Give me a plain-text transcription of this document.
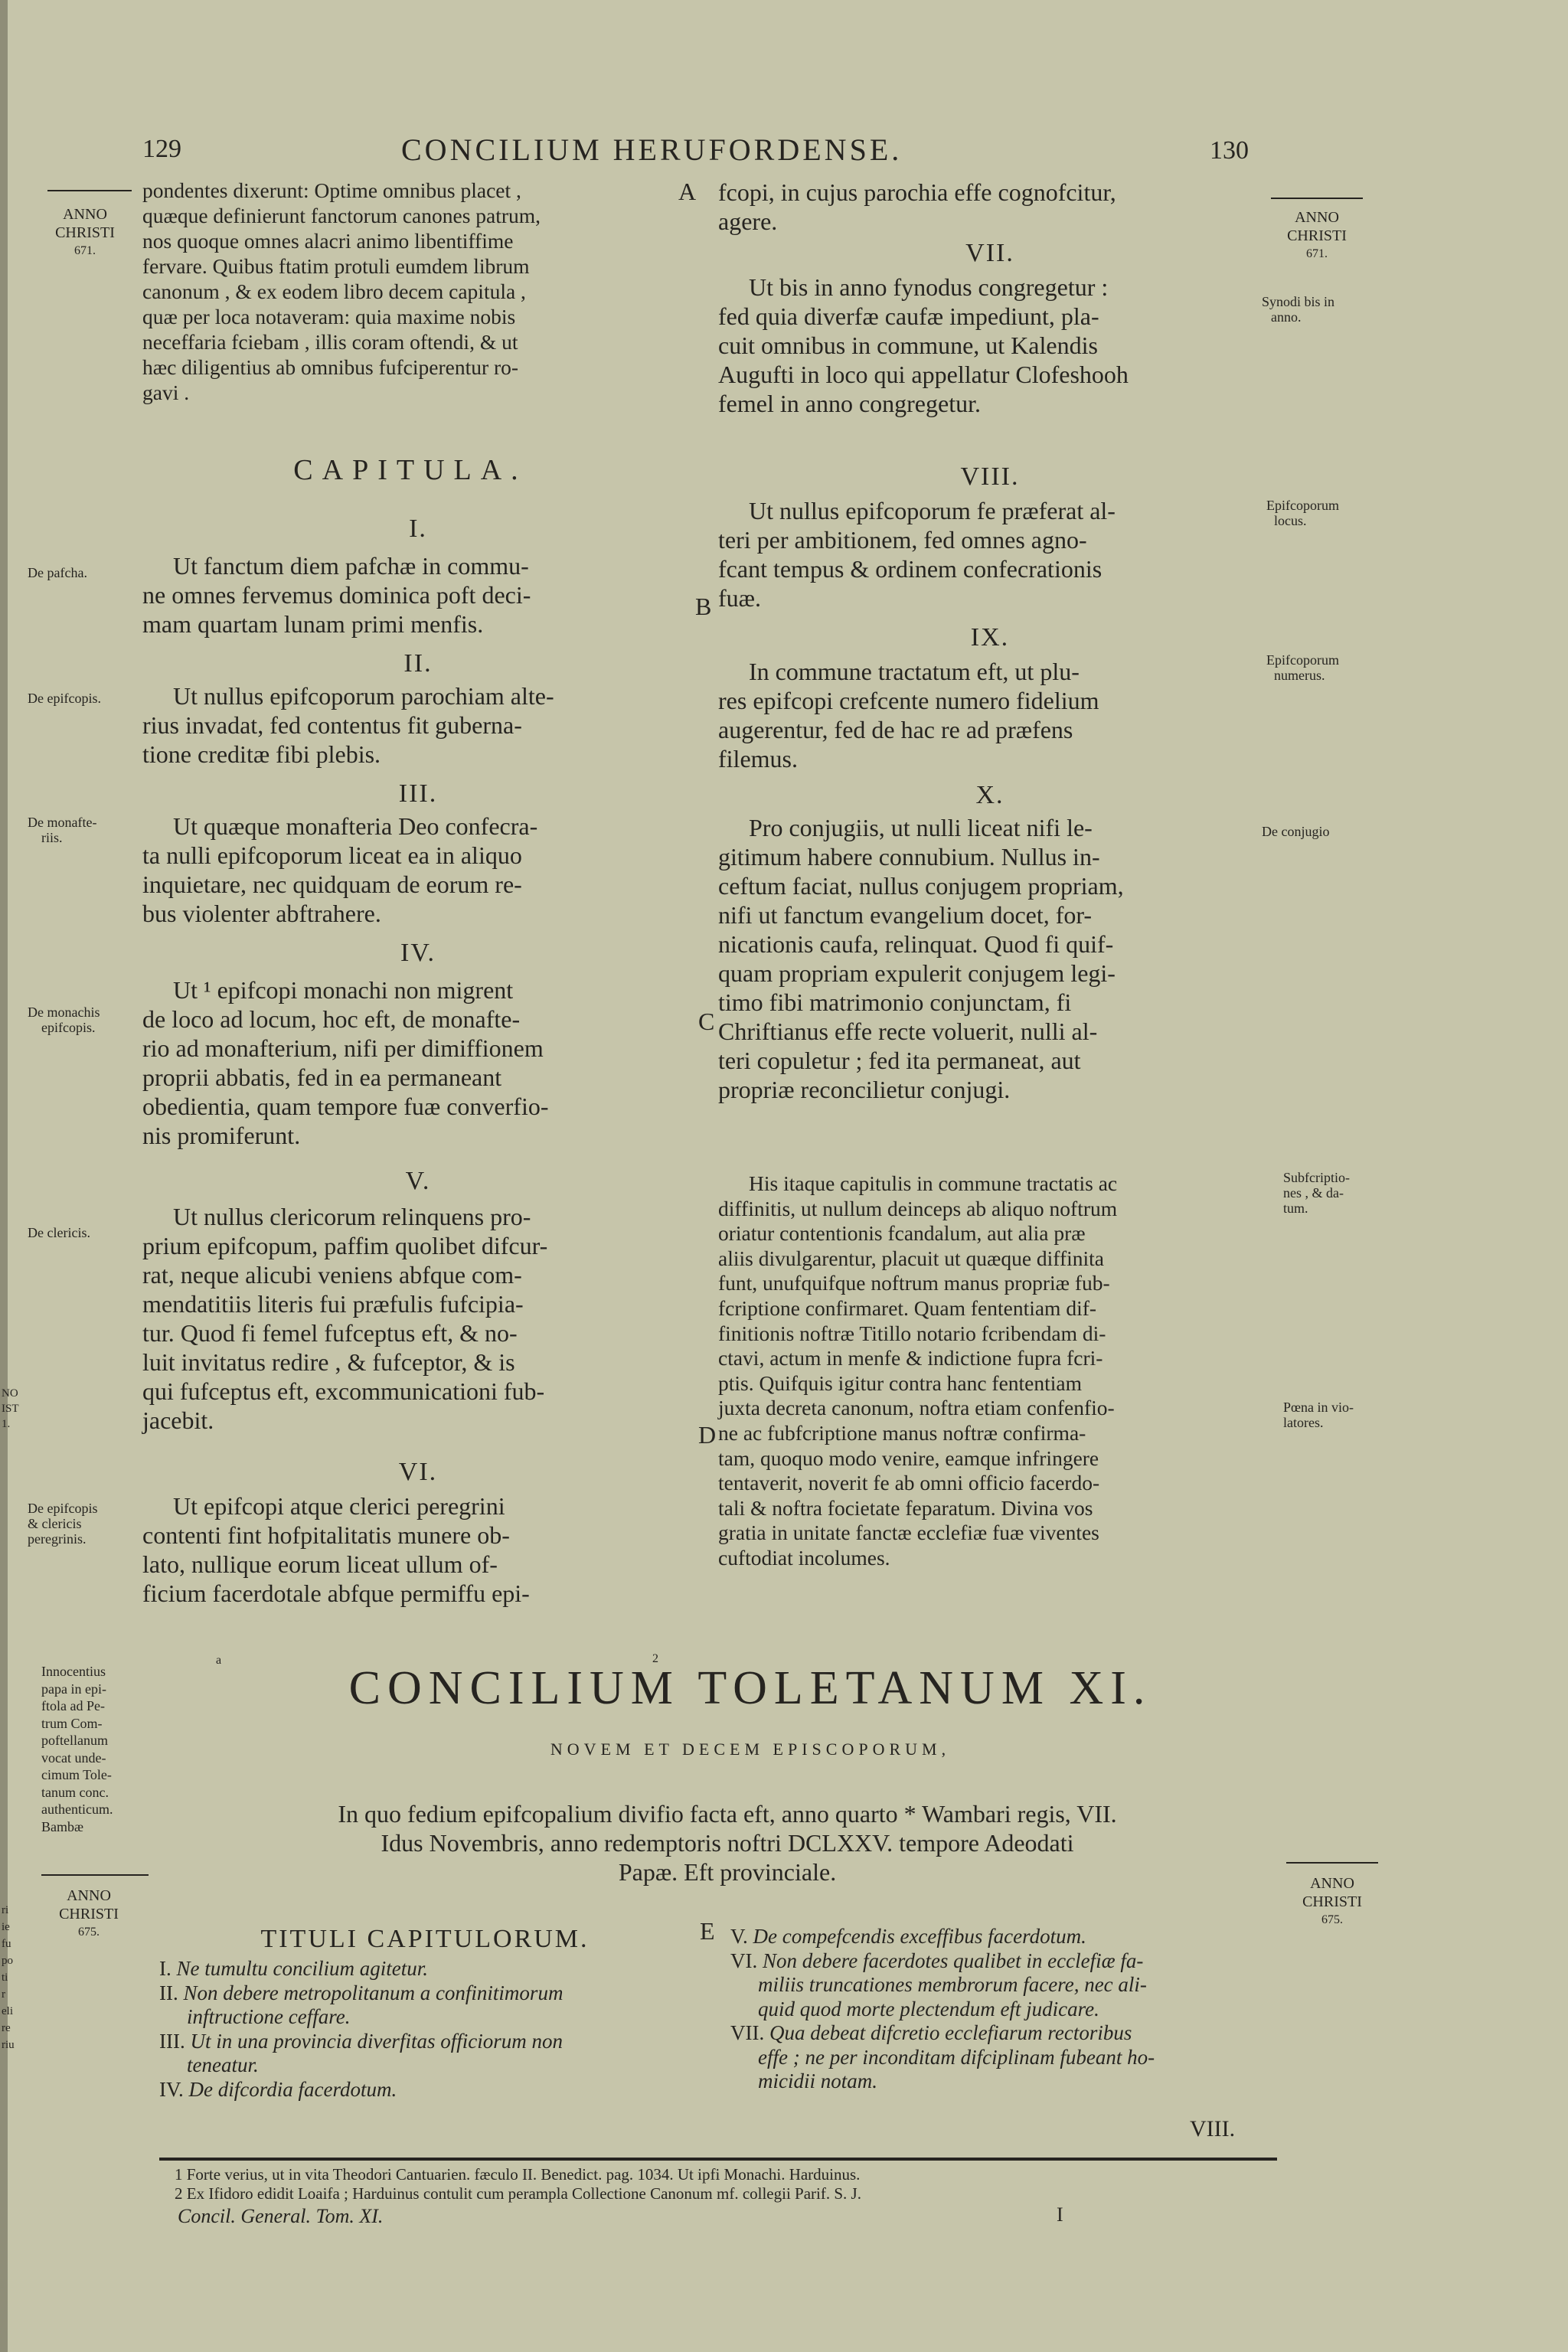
NO
IST
1.
ri
ie
fu
po
ti
r
eli
re
riu
129	CONCILIUM HERUFORDENSE.	130
ANNO
CHRISTI
671.
De pafcha.
De epifcopis.
De monafte-
riis.
De monachis
epifcopis.
De clericis.
De epifcopis
& clericis
peregrinis.
Innocentius
papa in epi-
ftola ad Pe-
trum Com-
poftellanum
vocat unde-
cimum Tole-
tanum conc.
authenticum.
Bambæ
ANNO
CHRISTI
675.
ANNO
CHRISTI
671.
Synodi bis in
anno.
Epifcoporum
locus.
Epifcoporum
numerus.
De conjugio
Subfcriptio-
nes , & da-
tum.
Pœna in vio-
latores.
ANNO
CHRISTI
675.
A
B
C
D
E
pondentes dixerunt: Optime omnibus placet ,
quæque definierunt fanctorum canones patrum,
nos quoque omnes alacri animo libentiffime
fervare. Quibus ftatim protuli eumdem librum
canonum , & ex eodem libro decem capitula ,
quæ per loca notaveram: quia maxime nobis
neceffaria fciebam , illis coram oftendi, & ut
hæc diligentius ab omnibus fufciperentur ro-
gavi .
CAPITULA.
I.
Ut fanctum diem pafchæ in commu-
ne omnes fervemus dominica poft deci-
mam quartam lunam primi menfis.
II.
Ut nullus epifcoporum parochiam alte-
rius invadat, fed contentus fit guberna-
tione creditæ fibi plebis.
III.
Ut quæque monafteria Deo confecra-
ta nulli epifcoporum liceat ea in aliquo
inquietare, nec quidquam de eorum re-
bus violenter abftrahere.
IV.
Ut ¹ epifcopi monachi non migrent
de loco ad locum, hoc eft, de monafte-
rio ad monafterium, nifi per dimiffionem
proprii abbatis, fed in ea permaneant
obedientia, quam tempore fuæ converfio-
nis promiferunt.
V.
Ut nullus clericorum relinquens pro-
prium epifcopum, paffim quolibet difcur-
rat, neque alicubi veniens abfque com-
mendatitiis literis fui præfulis fufcipia-
tur. Quod fi femel fufceptus eft, & no-
luit invitatus redire , & fufceptor, & is
qui fufceptus eft, excommunicationi fub-
jacebit.
VI.
Ut epifcopi atque clerici peregrini
contenti fint hofpitalitatis munere ob-
lato, nullique eorum liceat ullum of-
ficium facerdotale abfque permiffu epi-
fcopi, in cujus parochia effe cognofcitur,
agere.
VII.
Ut bis in anno fynodus congregetur :
fed quia diverfæ caufæ impediunt, pla-
cuit omnibus in commune, ut Kalendis
Augufti in loco qui appellatur Clofeshooh
femel in anno congregetur.
VIII.
Ut nullus epifcoporum fe præferat al-
teri per ambitionem, fed omnes agno-
fcant tempus & ordinem confecrationis
fuæ.
IX.
In commune tractatum eft, ut plu-
res epifcopi crefcente numero fidelium
augerentur, fed de hac re ad præfens
filemus.
X.
Pro conjugiis, ut nulli liceat nifi le-
gitimum habere connubium. Nullus in-
ceftum faciat, nullus conjugem propriam,
nifi ut fanctum evangelium docet, for-
nicationis caufa, relinquat. Quod fi quif-
quam propriam expulerit conjugem legi-
timo fibi matrimonio conjunctam, fi
Chriftianus effe recte voluerit, nulli al-
teri copuletur ; fed ita permaneat, aut
propriæ reconcilietur conjugi.
His itaque capitulis in commune tractatis ac
diffinitis, ut nullum deinceps ab aliquo noftrum
oriatur contentionis fcandalum, aut alia præ
aliis divulgarentur, placuit ut quæque diffinita
funt, unufquifque noftrum manus propriæ fub-
fcriptione confirmaret. Quam fententiam dif-
finitionis noftræ Titillo notario fcribendam di-
ctavi, actum in menfe & indictione fupra fcri-
ptis. Quifquis igitur contra hanc fententiam
juxta decreta canonum, noftra etiam confenfio-
ne ac fubfcriptione manus noftræ confirma-
tam, quoquo modo venire, eamque infringere
tentaverit, noverit fe ab omni officio facerdo-
tali & noftra focietate feparatum. Divina vos
gratia in unitate fanctæ ecclefiæ fuæ viventes
cuftodiat incolumes.
a	2
CONCILIUM TOLETANUM XI.
NOVEM ET DECEM EPISCOPORUM,
In quo fedium epifcopalium divifio facta eft, anno quarto * Wambari regis, VII.
Idus Novembris, anno redemptoris noftri DCLXXV. tempore Adeodati
Papæ. Eft provinciale.
TITULI CAPITULORUM.
I. Ne tumultu concilium agitetur.
II. Non debere metropolitanum a confinitimorum
inftructione ceffare.
III. Ut in una provincia diverfitas officiorum non
teneatur.
IV. De difcordia facerdotum.
V. De compefcendis exceffibus facerdotum.
VI. Non debere facerdotes qualibet in ecclefiæ fa-
miliis truncationes membrorum facere, nec ali-
quid quod morte plectendum eft judicare.
VII. Qua debeat difcretio ecclefiarum rectoribus
effe ; ne per inconditam difciplinam fubeant ho-
micidii notam.
VIII.
1 Forte verius, ut in vita Theodori Cantuarien. fæculo II. Benedict. pag. 1034. Ut ipfi Monachi. Harduinus.
2 Ex Ifidoro edidit Loaifa ; Harduinus contulit cum perampla Collectione Canonum mf. collegii Parif. S. J.
Concil. General. Tom. XI.	I
